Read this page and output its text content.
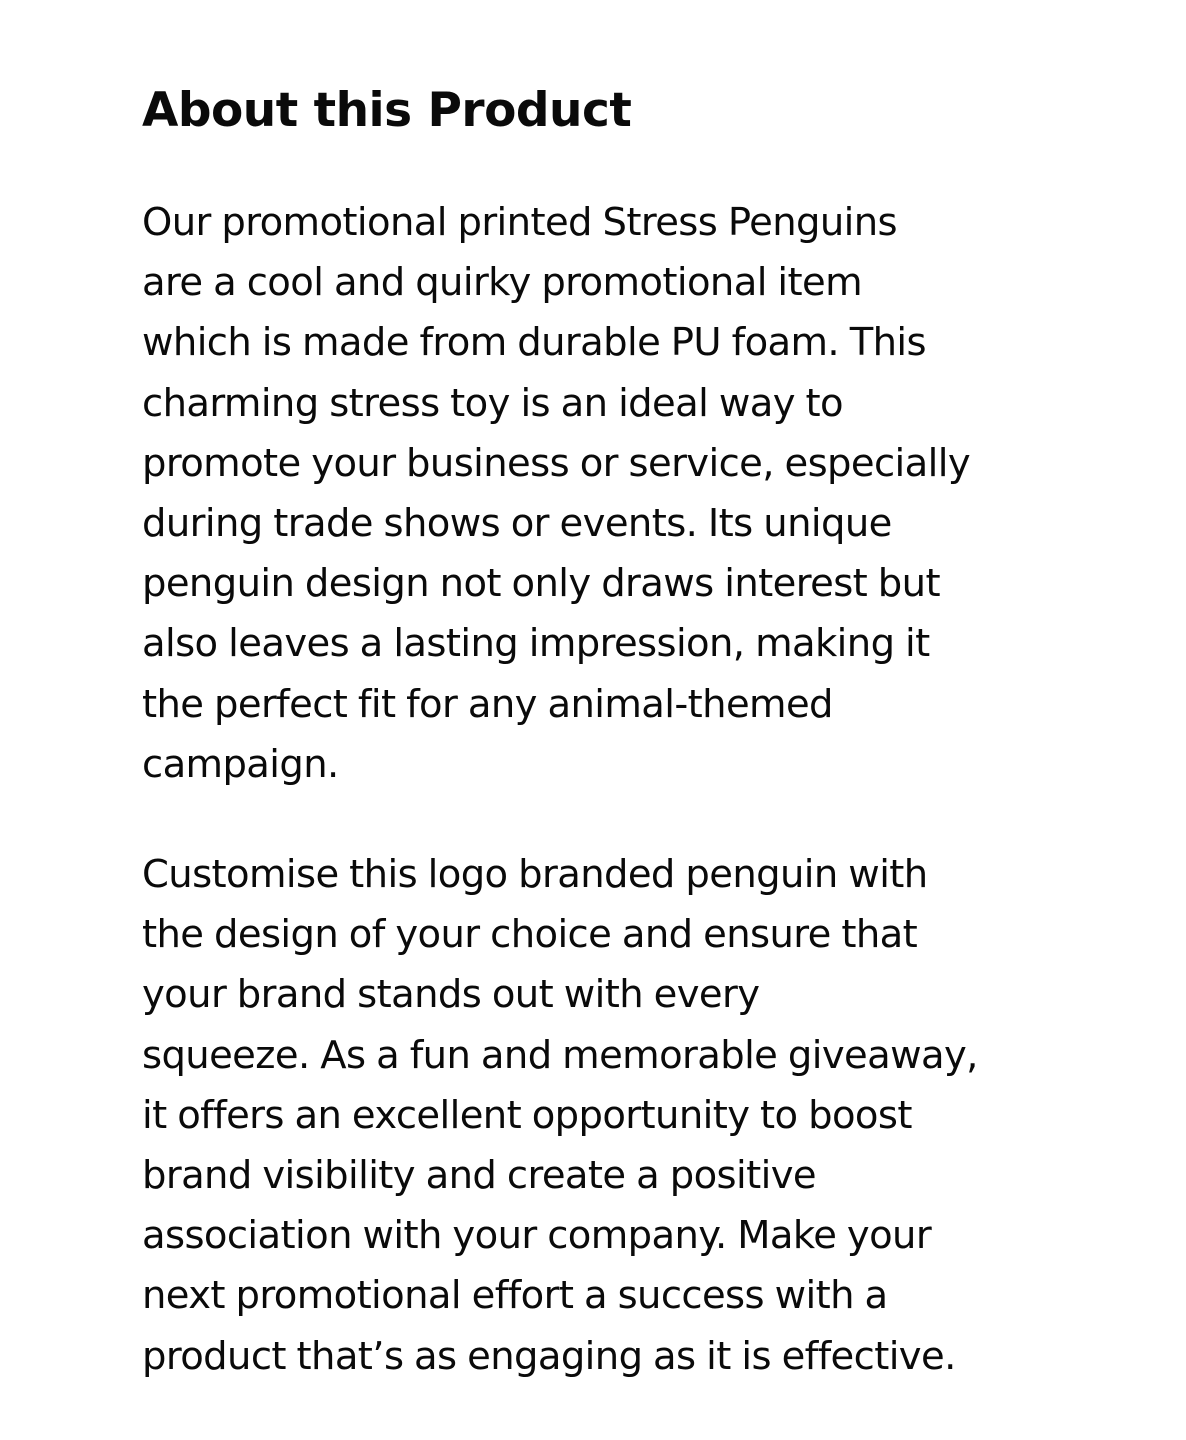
About this Product

Our promotional printed Stress Penguins
are a cool and quirky promotional item
which is made from durable PU foam. This
charming stress toy is an ideal way to
promote your business or service, especially
during trade shows or events. Its unique
penguin design not only draws interest but
also leaves a lasting impression, making it
the perfect fit for any animal-themed
campaign.

Customise this logo branded penguin with
the design of your choice and ensure that
your brand stands out with every
squeeze. As a fun and memorable giveaway,
it offers an excellent opportunity to boost
brand visibility and create a positive
association with your company. Make your
next promotional effort a success with a
product that’s as engaging as it is effective.
